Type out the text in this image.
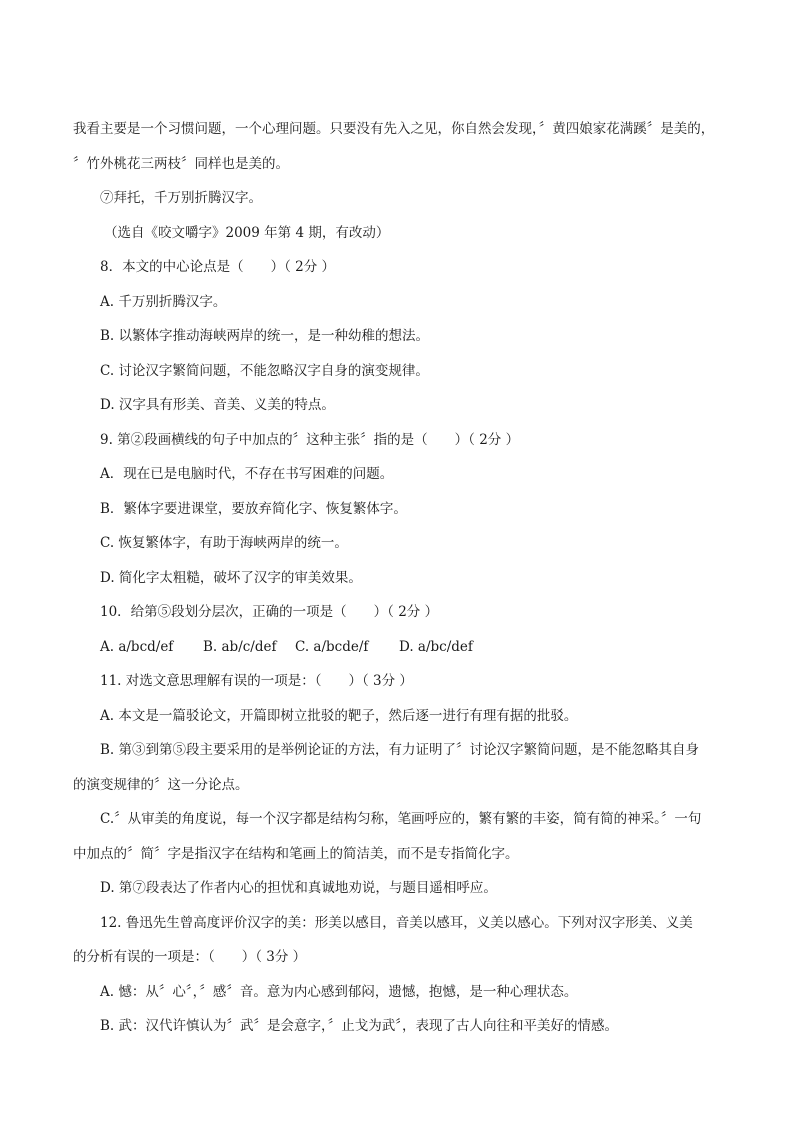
我看主要是一个习惯问题，一个心理问题。只要没有先入之见，你自然会发现，〞黄四娘家花满蹊〞是美的，
〞竹外桃花三两枝〞同样也是美的。
⑦拜托，千万别折腾汉字。
（选自《咬文嚼字》2009 年第 4 期，有改动）
8．本文的中心论点是（　　）（ 2分 ）
A. 千万别折腾汉字。
B. 以繁体字推动海峡两岸的统一，是一种幼稚的想法。
C. 讨论汉字繁简问题，不能忽略汉字自身的演变规律。
D. 汉字具有形美、音美、义美的特点。
9. 第②段画横线的句子中加点的〞这种主张〞指的是（　　）（ 2分 ）
A．现在已是电脑时代，不存在书写困难的问题。
B．繁体字要进课堂，要放弃简化字、恢复繁体字。
C. 恢复繁体字，有助于海峡两岸的统一。
D. 简化字太粗糙，破坏了汉字的审美效果。
10．给第⑤段划分层次，正确的一项是（　　）（ 2分 ）
A. a/bcd/ef	B. ab/c/def	C. a/bcde/f	D. a/bc/def
11. 对选文意思理解有误的一项是：（　　）（ 3分 ）
A. 本文是一篇驳论文，开篇即树立批驳的靶子，然后逐一进行有理有据的批驳。
B. 第③到第⑤段主要采用的是举例论证的方法，有力证明了〞讨论汉字繁简问题，是不能忽略其自身
的演变规律的〞这一分论点。
C.〞从审美的角度说，每一个汉字都是结构匀称，笔画呼应的，繁有繁的丰姿，简有简的神采。〞一句
中加点的〞简〞字是指汉字在结构和笔画上的简洁美，而不是专指简化字。
D. 第⑦段表达了作者内心的担忧和真诚地劝说，与题目遥相呼应。
12. 鲁迅先生曾高度评价汉字的美：形美以感目，音美以感耳，义美以感心。下列对汉字形美、义美
的分析有误的一项是：（　　）（ 3分 ）
A. 憾：从〞心〞，〞感〞音。意为内心感到郁闷，遗憾，抱憾，是一种心理状态。
B. 武：汉代许慎认为〞武〞是会意字，〞止戈为武〞，表现了古人向往和平美好的情感。
